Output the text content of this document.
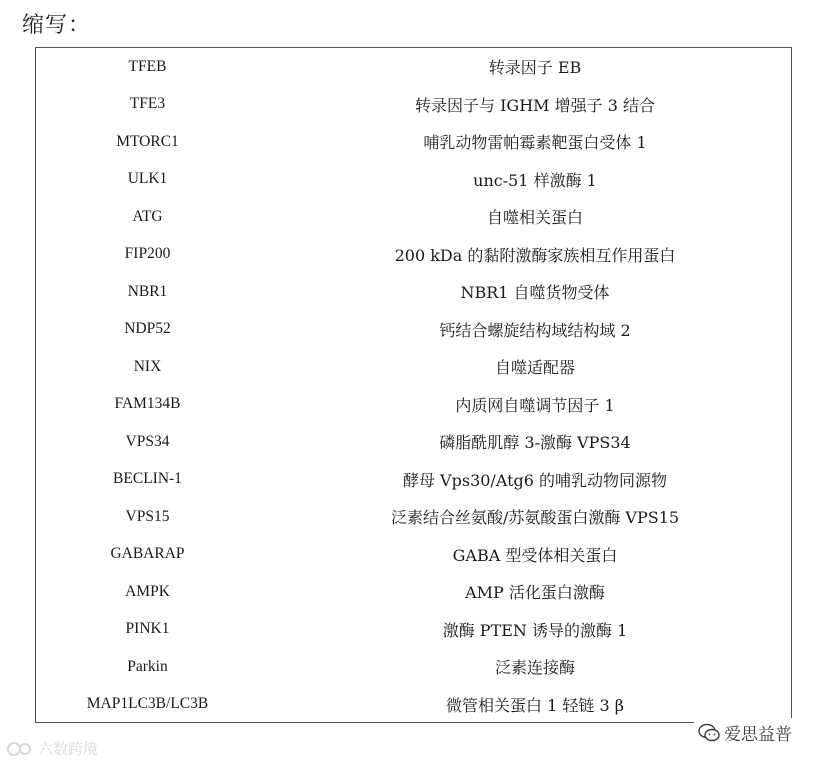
缩写：
TFEB	转录因子 EB
TFE3	转录因子与 IGHM 增强子 3 结合
MTORC1	哺乳动物雷帕霉素靶蛋白受体 1
ULK1	unc-51 样激酶 1
ATG	自噬相关蛋白
FIP200	200 kDa 的黏附激酶家族相互作用蛋白
NBR1	NBR1 自噬货物受体
NDP52	钙结合螺旋结构域结构域 2
NIX	自噬适配器
FAM134B	内质网自噬调节因子 1
VPS34	磷脂酰肌醇 3-激酶 VPS34
BECLIN-1	酵母 Vps30/Atg6 的哺乳动物同源物
VPS15	泛素结合丝氨酸/苏氨酸蛋白激酶 VPS15
GABARAP	GABA 型受体相关蛋白
AMPK	AMP 活化蛋白激酶
PINK1	激酶 PTEN 诱导的激酶 1
Parkin	泛素连接酶
MAP1LC3B/LC3B	微管相关蛋白 1 轻链 3 β
六数跨境
爱思益普
